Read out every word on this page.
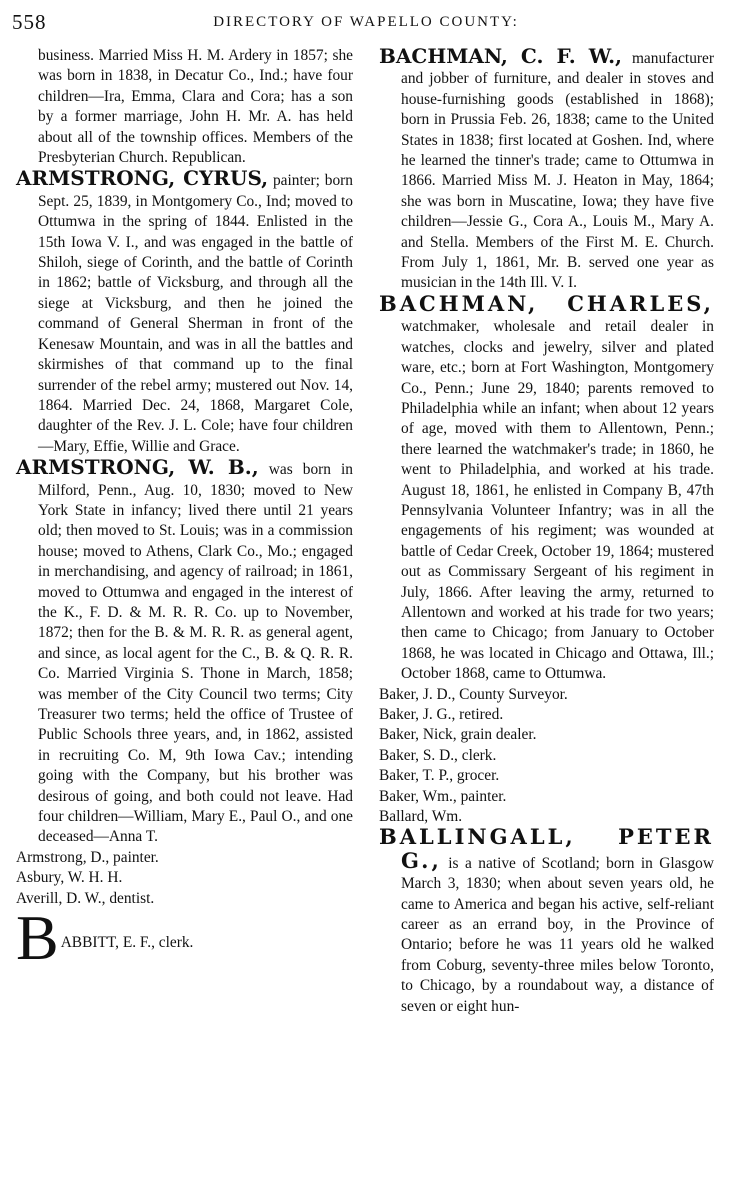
558	DIRECTORY OF WAPELLO COUNTY:

business. Married Miss H. M. Ardery in 1857; she was born in 1838, in Decatur Co., Ind.; have four children—Ira, Emma, Clara and Cora; has a son by a former marriage, John H. Mr. A. has held about all of the township offices. Members of the Presbyterian Church. Republican.

ARMSTRONG, CYRUS, painter; born Sept. 25, 1839, in Montgomery Co., Ind; moved to Ottumwa in the spring of 1844. Enlisted in the 15th Iowa V. I., and was engaged in the battle of Shiloh, siege of Corinth, and the battle of Corinth in 1862; battle of Vicksburg, and through all the siege at Vicksburg, and then he joined the command of General Sherman in front of the Kenesaw Mountain, and was in all the battles and skirmishes of that command up to the final surrender of the rebel army; mustered out Nov. 14, 1864. Married Dec. 24, 1868, Margaret Cole, daughter of the Rev. J. L. Cole; have four children—Mary, Effie, Willie and Grace.

ARMSTRONG, W. B., was born in Milford, Penn., Aug. 10, 1830; moved to New York State in infancy; lived there until 21 years old; then moved to St. Louis; was in a commission house; moved to Athens, Clark Co., Mo.; engaged in merchandising, and agency of railroad; in 1861, moved to Ottumwa and engaged in the interest of the K., F. D. & M. R. R. Co. up to November, 1872; then for the B. & M. R. R. as general agent, and since, as local agent for the C., B. & Q. R. R. Co. Married Virginia S. Thone in March, 1858; was member of the City Council two terms; City Treasurer two terms; held the office of Trustee of Public Schools three years, and, in 1862, assisted in recruiting Co. M, 9th Iowa Cav.; intending going with the Company, but his brother was desirous of going, and both could not leave. Had four children—William, Mary E., Paul O., and one deceased—Anna T.

Armstrong, D., painter.

Asbury, W. H. H.

Averill, D. W., dentist.

B ABBITT, E. F., clerk.

BACHMAN, C. F. W., manufacturer and jobber of furniture, and dealer in stoves and house-furnishing goods (established in 1868); born in Prussia Feb. 26, 1838; came to the United States in 1838; first located at Goshen. Ind, where he learned the tinner's trade; came to Ottumwa in 1866. Married Miss M. J. Heaton in May, 1864; she was born in Muscatine, Iowa; they have five children—Jessie G., Cora A., Louis M., Mary A. and Stella. Members of the First M. E. Church. From July 1, 1861, Mr. B. served one year as musician in the 14th Ill. V. I.

BACHMAN, CHARLES, watchmaker, wholesale and retail dealer in watches, clocks and jewelry, silver and plated ware, etc.; born at Fort Washington, Montgomery Co., Penn.; June 29, 1840; parents removed to Philadelphia while an infant; when about 12 years of age, moved with them to Allentown, Penn.; there learned the watchmaker's trade; in 1860, he went to Philadelphia, and worked at his trade. August 18, 1861, he enlisted in Company B, 47th Pennsylvania Volunteer Infantry; was in all the engagements of his regiment; was wounded at battle of Cedar Creek, October 19, 1864; mustered out as Commissary Sergeant of his regiment in July, 1866. After leaving the army, returned to Allentown and worked at his trade for two years; then came to Chicago; from January to October 1868, he was located in Chicago and Ottawa, Ill.; October 1868, came to Ottumwa.

Baker, J. D., County Surveyor.

Baker, J. G., retired.

Baker, Nick, grain dealer.

Baker, S. D., clerk.

Baker, T. P., grocer.

Baker, Wm., painter.

Ballard, Wm.

BALLINGALL, PETER G., is a native of Scotland; born in Glasgow March 3, 1830; when about seven years old, he came to America and began his active, self-reliant career as an errand boy, in the Province of Ontario; before he was 11 years old he walked from Coburg, seventy-three miles below Toronto, to Chicago, by a roundabout way, a distance of seven or eight hun-
